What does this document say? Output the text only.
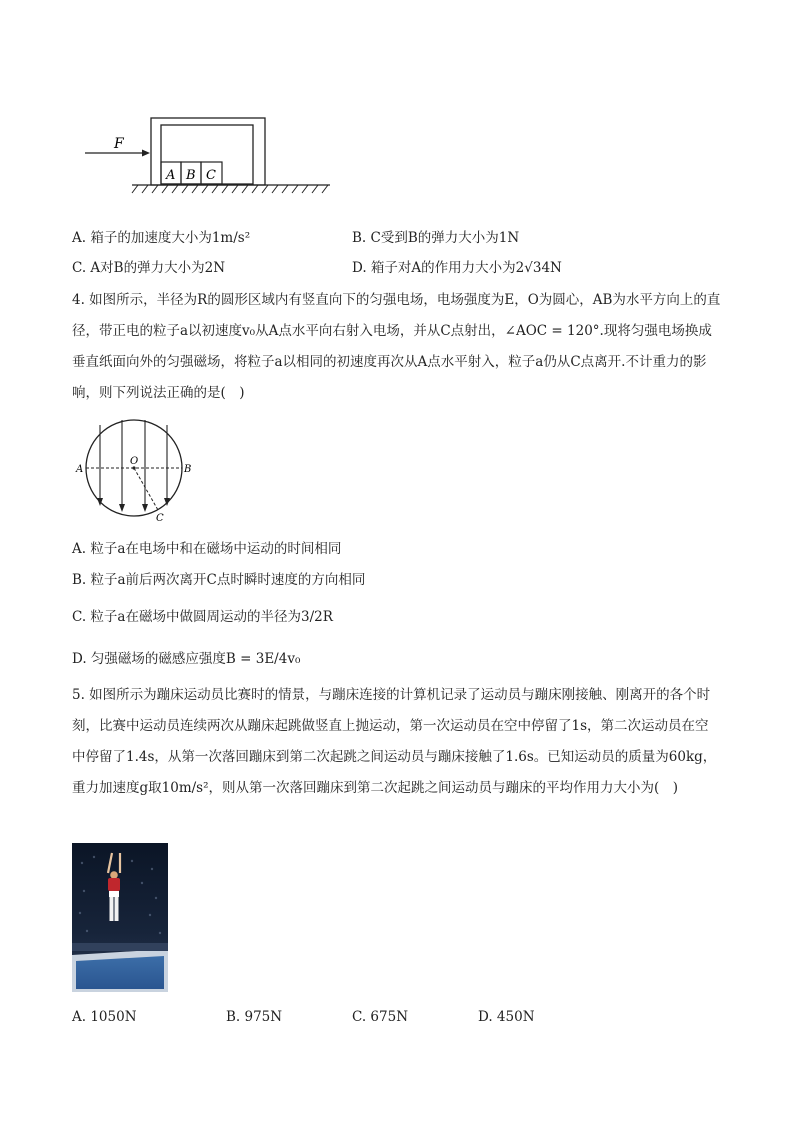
A B C
F
A. 箱子的加速度大小为1m/s²	B. C受到B的弹力大小为1N
C. A对B的弹力大小为2N	D. 箱子对A的作用力大小为2√34N
4. 如图所示，半径为R的圆形区域内有竖直向下的匀强电场，电场强度为E，O为圆心，AB为水平方向上的直径，带正电的粒子a以初速度v₀从A点水平向右射入电场，并从C点射出，∠AOC = 120°.现将匀强电场换成垂直纸面向外的匀强磁场，将粒子a以相同的初速度再次从A点水平射入，粒子a仍从C点离开.不计重力的影响，则下列说法正确的是(　)
A
O
B
C
A. 粒子a在电场中和在磁场中运动的时间相同
B. 粒子a前后两次离开C点时瞬时速度的方向相同
C. 粒子a在磁场中做圆周运动的半径为3/2R
D. 匀强磁场的磁感应强度B = 3E/4v₀
5. 如图所示为蹦床运动员比赛时的情景，与蹦床连接的计算机记录了运动员与蹦床刚接触、刚离开的各个时刻，比赛中运动员连续两次从蹦床起跳做竖直上抛运动，第一次运动员在空中停留了1s，第二次运动员在空中停留了1.4s，从第一次落回蹦床到第二次起跳之间运动员与蹦床接触了1.6s。已知运动员的质量为60kg，重力加速度g取10m/s²，则从第一次落回蹦床到第二次起跳之间运动员与蹦床的平均作用力大小为(　)
A. 1050N	B. 975N	C. 675N	D. 450N
